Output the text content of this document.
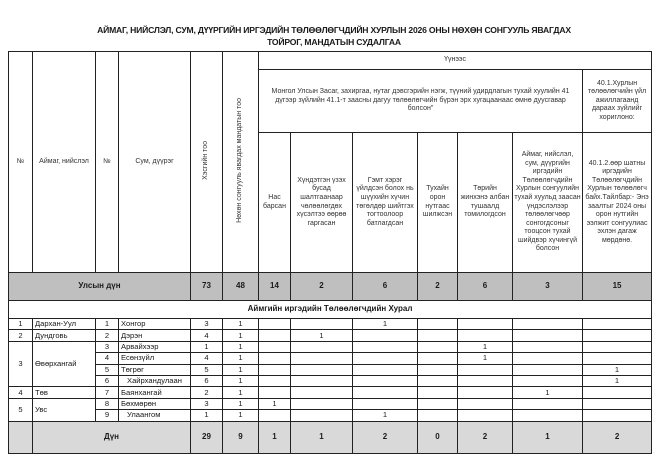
АЙМАГ, НИЙСЛЭЛ, СУМ, ДҮҮРГИЙН ИРГЭДИЙН ТӨЛӨӨЛӨГЧДИЙН ХУРЛЫН 2026 ОНЫ НӨХӨН СОНГУУЛЬ ЯВАГДАХ
ТОЙРОГ, МАНДАТЫН СУДАЛГАА
№	Аймаг, нийслэл	№	Сум, дүүрэг	Хэсгийн тоо	Нөхөн сонгууль явагдах мандатын тоо	Үүнээс						
						Монгол Улсын Засаг, захиргаа, нутаг дэвсгэрийн нэгж, түүний удирдлагын тухай хуулийн 41 дүгээр зүйлийн 41.1-т заасны дагуу төлөөлөгчийн бүрэн эрх хугацаанаас өмнө дуусгавар болсон"						40.1.Хурлын төлөөлөгчийн үйл ажиллагаанд дараах зүйлийг хориглоно:
						Нас барсан	Хүндэтгэн үзэх бусад шалтгаанаар чөлөөлөгдөх хүсэлтээ өөрөө гаргасан	Гэмт хэрэг үйлдсэн болох нь шүүхийн хүчин төгөлдөр шийтгэх тогтоолоор батлагдсан	Тухайн орон нутгаас шилжсэн	Төрийн жинхэнэ албан тушаалд томилогдсон	Аймаг, нийслэл, сум, дүүргийн иргэдийн Төлөөлөгчдийн Хурлын сонгуулийн тухай хуульд заасан үндэслэлээр төлөөлөгчөөр сонгогдсоныг тооцсон тухай шийдвэр хүчингүй болсон	40.1.2.өөр шатны иргэдийн Төлөөлөгчдийн Хурлын төлөөлөгч байх.Тайлбар:- Энэ заалтыг 2024 оны орон нутгийн ээлжит сонгуулиас эхлэн дагаж мөрдөнө.
Улсын дүн				73	48	14	2	6	2	6	3	15
Аймгийн иргэдийн Төлөөлөгчдийн Хурал												
1	Дархан-Уул	1	Хонгор	3	1			1				
2	Дундговь	2	Дэрэн	4	1		1					
3	Өвөрхангай	3	Арвайхээр	1	1					1		
		4	Есөнзүйл	4	1					1		
		5	Төгрөг	5	1							1
		6	Хайрхандулаан	6	1							1
4	Төв	7	Баянхангай	2	1						1	
5	Увс	8	Бөхмөрөн	3	1	1						
		9	Улаангом	1	1			1				
	Дүн			29	9	1	1	2	0	2	1	2
